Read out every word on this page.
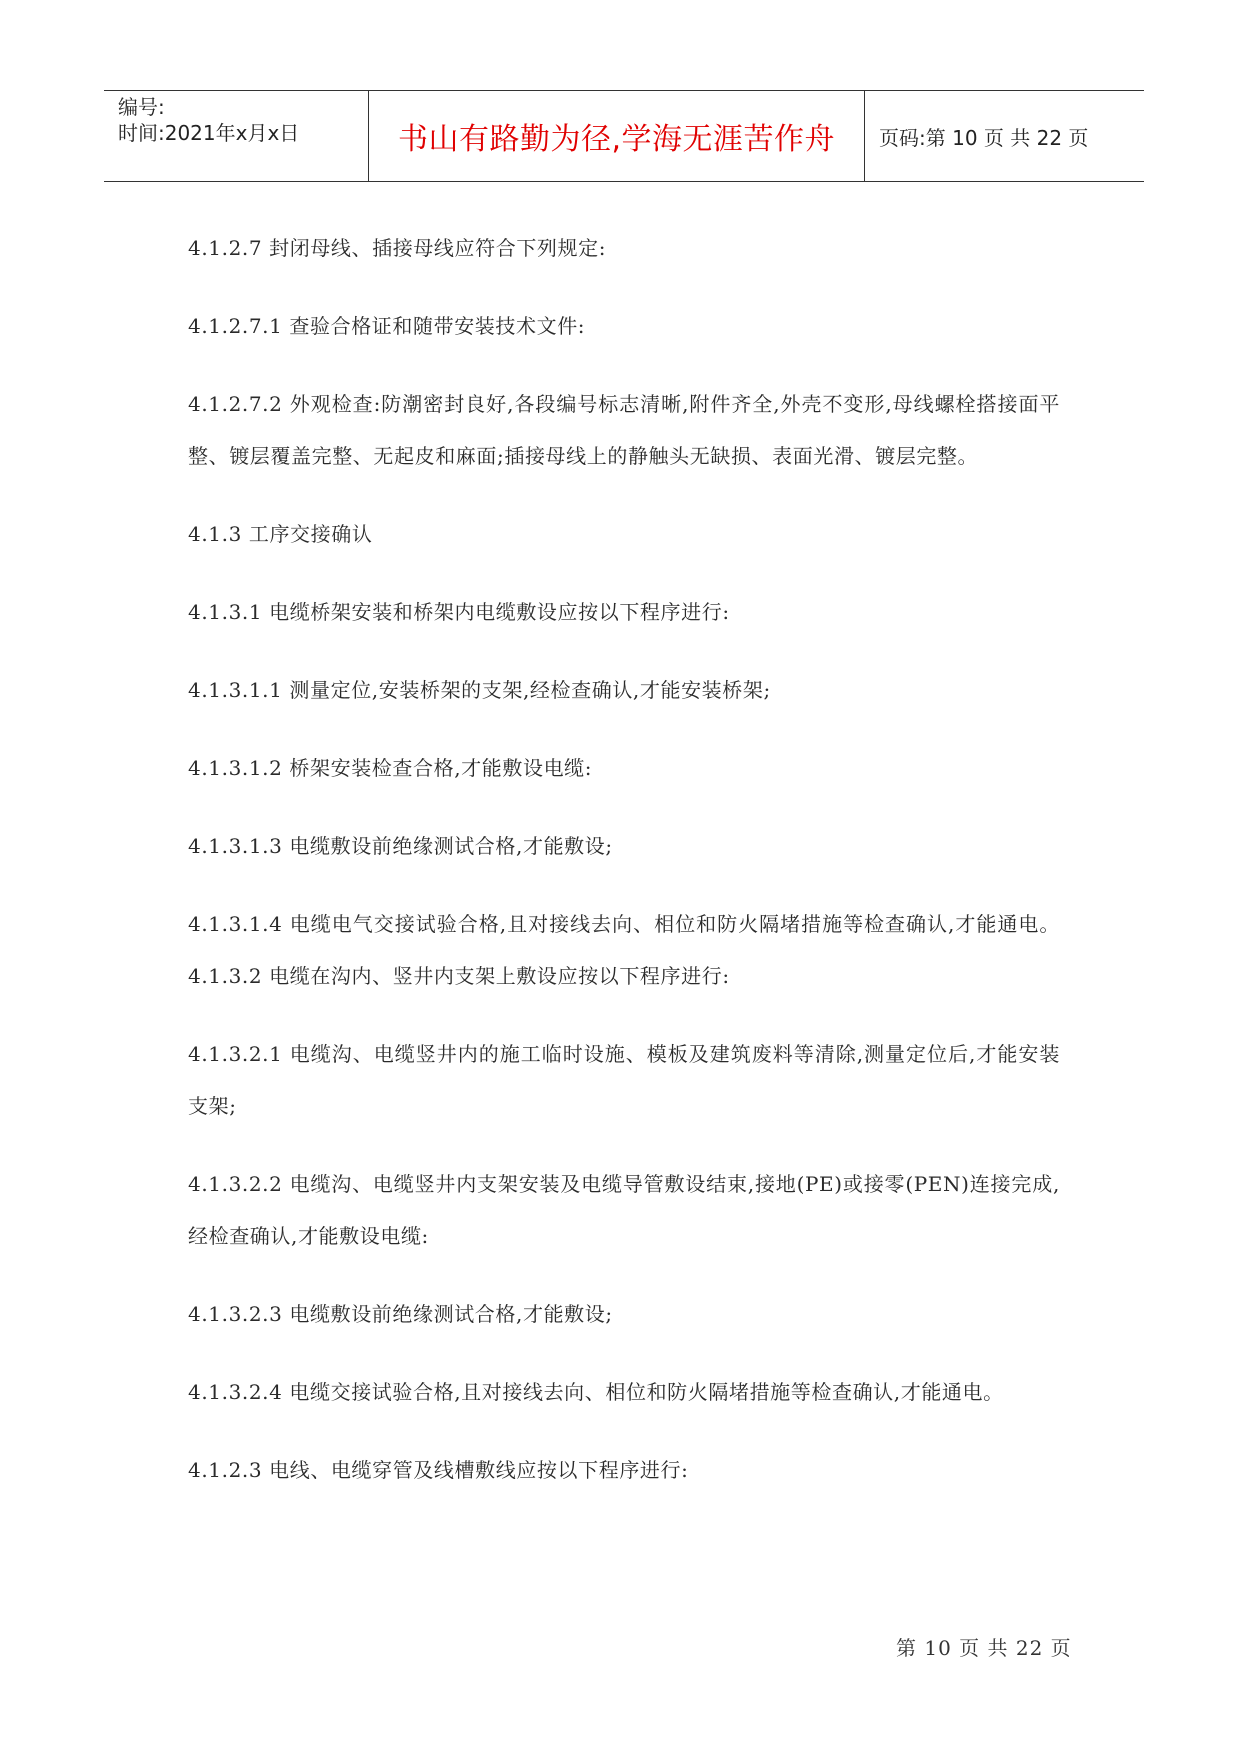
编号:
时间:2021年x月x日	书山有路勤为径,学海无涯苦作舟 页码:第 10 页 共 22 页

4.1.2.7 封闭母线、插接母线应符合下列规定:

4.1.2.7.1 查验合格证和随带安装技术文件:

4.1.2.7.2 外观检查:防潮密封良好,各段编号标志清晰,附件齐全,外壳不变形,母线螺栓搭接面平整、镀层覆盖完整、无起皮和麻面;插接母线上的静触头无缺损、表面光滑、镀层完整。

4.1.3 工序交接确认

4.1.3.1 电缆桥架安装和桥架内电缆敷设应按以下程序进行:

4.1.3.1.1 测量定位,安装桥架的支架,经检查确认,才能安装桥架;

4.1.3.1.2 桥架安装检查合格,才能敷设电缆:

4.1.3.1.3 电缆敷设前绝缘测试合格,才能敷设;

4.1.3.1.4 电缆电气交接试验合格,且对接线去向、相位和防火隔堵措施等检查确认,才能通电。4.1.3.2 电缆在沟内、竖井内支架上敷设应按以下程序进行:

4.1.3.2.1 电缆沟、电缆竖井内的施工临时设施、模板及建筑废料等清除,测量定位后,才能安装支架;

4.1.3.2.2 电缆沟、电缆竖井内支架安装及电缆导管敷设结束,接地(PE)或接零(PEN)连接完成,经检查确认,才能敷设电缆:

4.1.3.2.3 电缆敷设前绝缘测试合格,才能敷设;

4.1.3.2.4 电缆交接试验合格,且对接线去向、相位和防火隔堵措施等检查确认,才能通电。

4.1.2.3 电线、电缆穿管及线槽敷线应按以下程序进行:

第 10 页 共 22 页
